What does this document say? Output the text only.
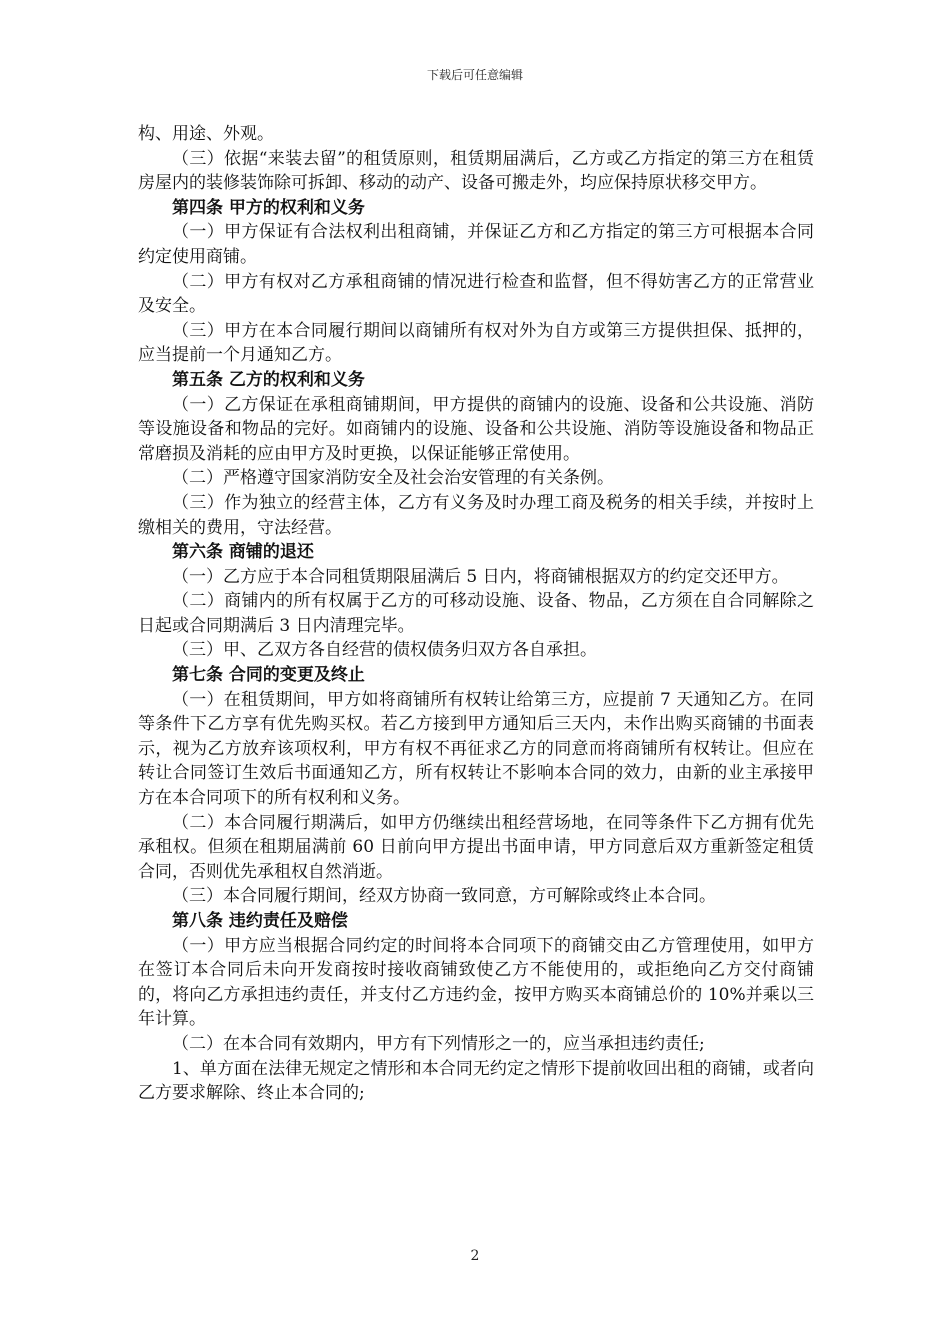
下载后可任意编辑

构、用途、外观。

（三）依据“来装去留”的租赁原则，租赁期届满后，乙方或乙方指定的第三方在租赁房屋内的装修装饰除可拆卸、移动的动产、设备可搬走外，均应保持原状移交甲方。

第四条 甲方的权利和义务

（一）甲方保证有合法权利出租商铺，并保证乙方和乙方指定的第三方可根据本合同约定使用商铺。

（二）甲方有权对乙方承租商铺的情况进行检查和监督，但不得妨害乙方的正常营业及安全。

（三）甲方在本合同履行期间以商铺所有权对外为自方或第三方提供担保、抵押的，应当提前一个月通知乙方。

第五条 乙方的权利和义务

（一）乙方保证在承租商铺期间，甲方提供的商铺内的设施、设备和公共设施、消防等设施设备和物品的完好。如商铺内的设施、设备和公共设施、消防等设施设备和物品正常磨损及消耗的应由甲方及时更换，以保证能够正常使用。

（二）严格遵守国家消防安全及社会治安管理的有关条例。

（三）作为独立的经营主体，乙方有义务及时办理工商及税务的相关手续，并按时上缴相关的费用，守法经营。

第六条 商铺的退还

（一）乙方应于本合同租赁期限届满后 5 日内，将商铺根据双方的约定交还甲方。

（二）商铺内的所有权属于乙方的可移动设施、设备、物品，乙方须在自合同解除之日起或合同期满后 3 日内清理完毕。

（三）甲、乙双方各自经营的债权债务归双方各自承担。

第七条 合同的变更及终止

（一）在租赁期间，甲方如将商铺所有权转让给第三方，应提前 7 天通知乙方。在同等条件下乙方享有优先购买权。若乙方接到甲方通知后三天内，未作出购买商铺的书面表示，视为乙方放弃该项权利，甲方有权不再征求乙方的同意而将商铺所有权转让。但应在转让合同签订生效后书面通知乙方，所有权转让不影响本合同的效力，由新的业主承接甲方在本合同项下的所有权利和义务。

（二）本合同履行期满后，如甲方仍继续出租经营场地，在同等条件下乙方拥有优先承租权。但须在租期届满前 60 日前向甲方提出书面申请，甲方同意后双方重新签定租赁合同，否则优先承租权自然消逝。

（三）本合同履行期间，经双方协商一致同意，方可解除或终止本合同。

第八条 违约责任及赔偿

（一）甲方应当根据合同约定的时间将本合同项下的商铺交由乙方管理使用，如甲方在签订本合同后未向开发商按时接收商铺致使乙方不能使用的，或拒绝向乙方交付商铺的，将向乙方承担违约责任，并支付乙方违约金，按甲方购买本商铺总价的 10%并乘以三年计算。

（二）在本合同有效期内，甲方有下列情形之一的，应当承担违约责任;

1、单方面在法律无规定之情形和本合同无约定之情形下提前收回出租的商铺，或者向乙方要求解除、终止本合同的;

2
